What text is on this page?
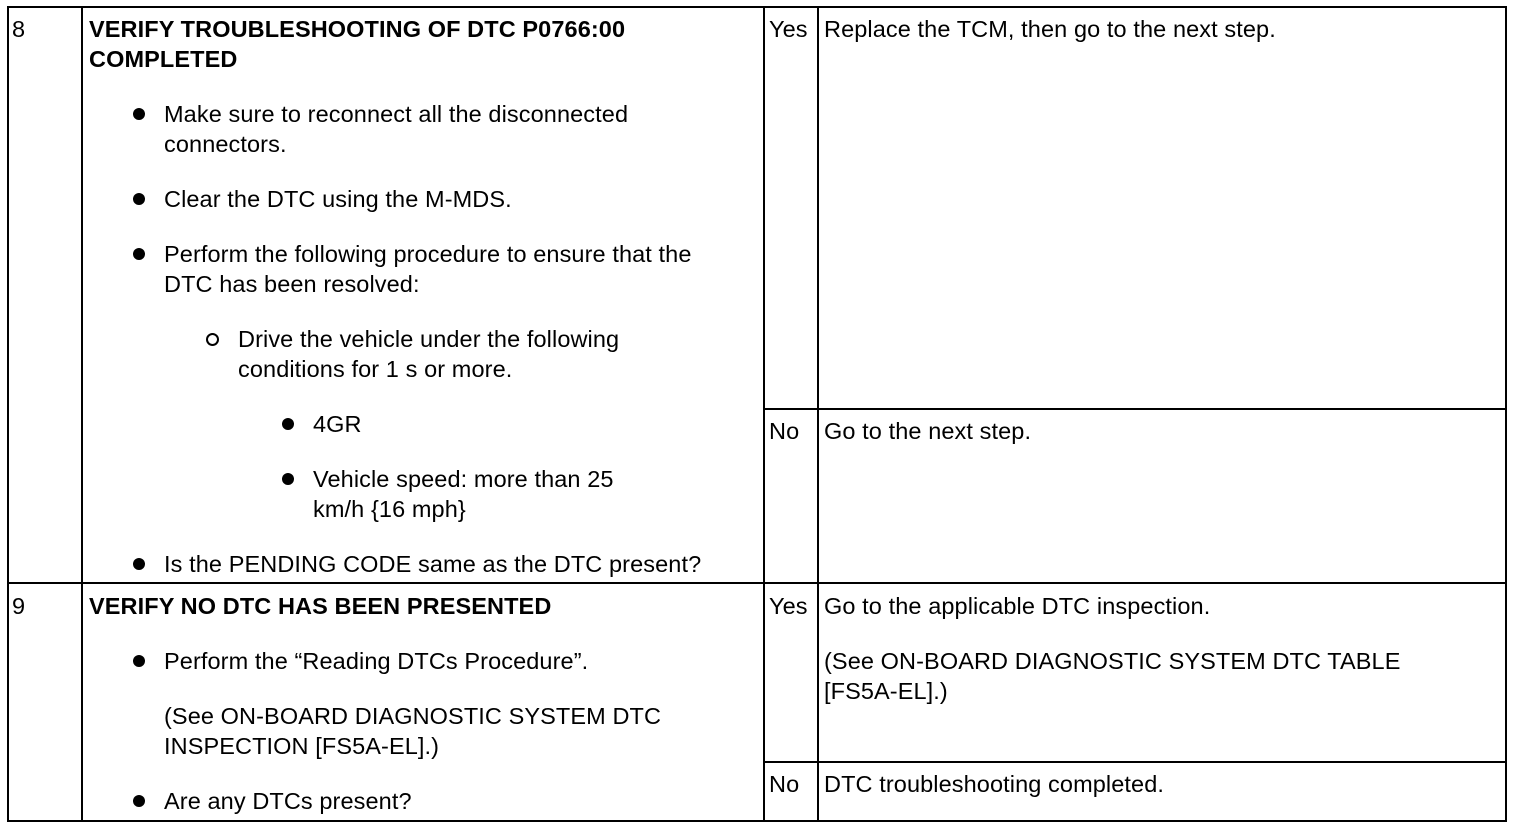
8	VERIFY TROUBLESHOOTING OF DTC P0766:00
COMPLETED
Make sure to reconnect all the disconnected
connectors.
Clear the DTC using the M-MDS.
Perform the following procedure to ensure that the
DTC has been resolved:
Drive the vehicle under the following
conditions for 1 s or more.
4GR
Vehicle speed: more than 25
km/h {16 mph}
Is the PENDING CODE same as the DTC present?
Yes Replace the TCM, then go to the next step.
No Go to the next step.
9	VERIFY NO DTC HAS BEEN PRESENTED
Perform the “Reading DTCs Procedure”.
(See ON-BOARD DIAGNOSTIC SYSTEM DTC
INSPECTION [FS5A-EL].)
Are any DTCs present?
Yes Go to the applicable DTC inspection.
(See ON-BOARD DIAGNOSTIC SYSTEM DTC TABLE
[FS5A-EL].)
No DTC troubleshooting completed.
